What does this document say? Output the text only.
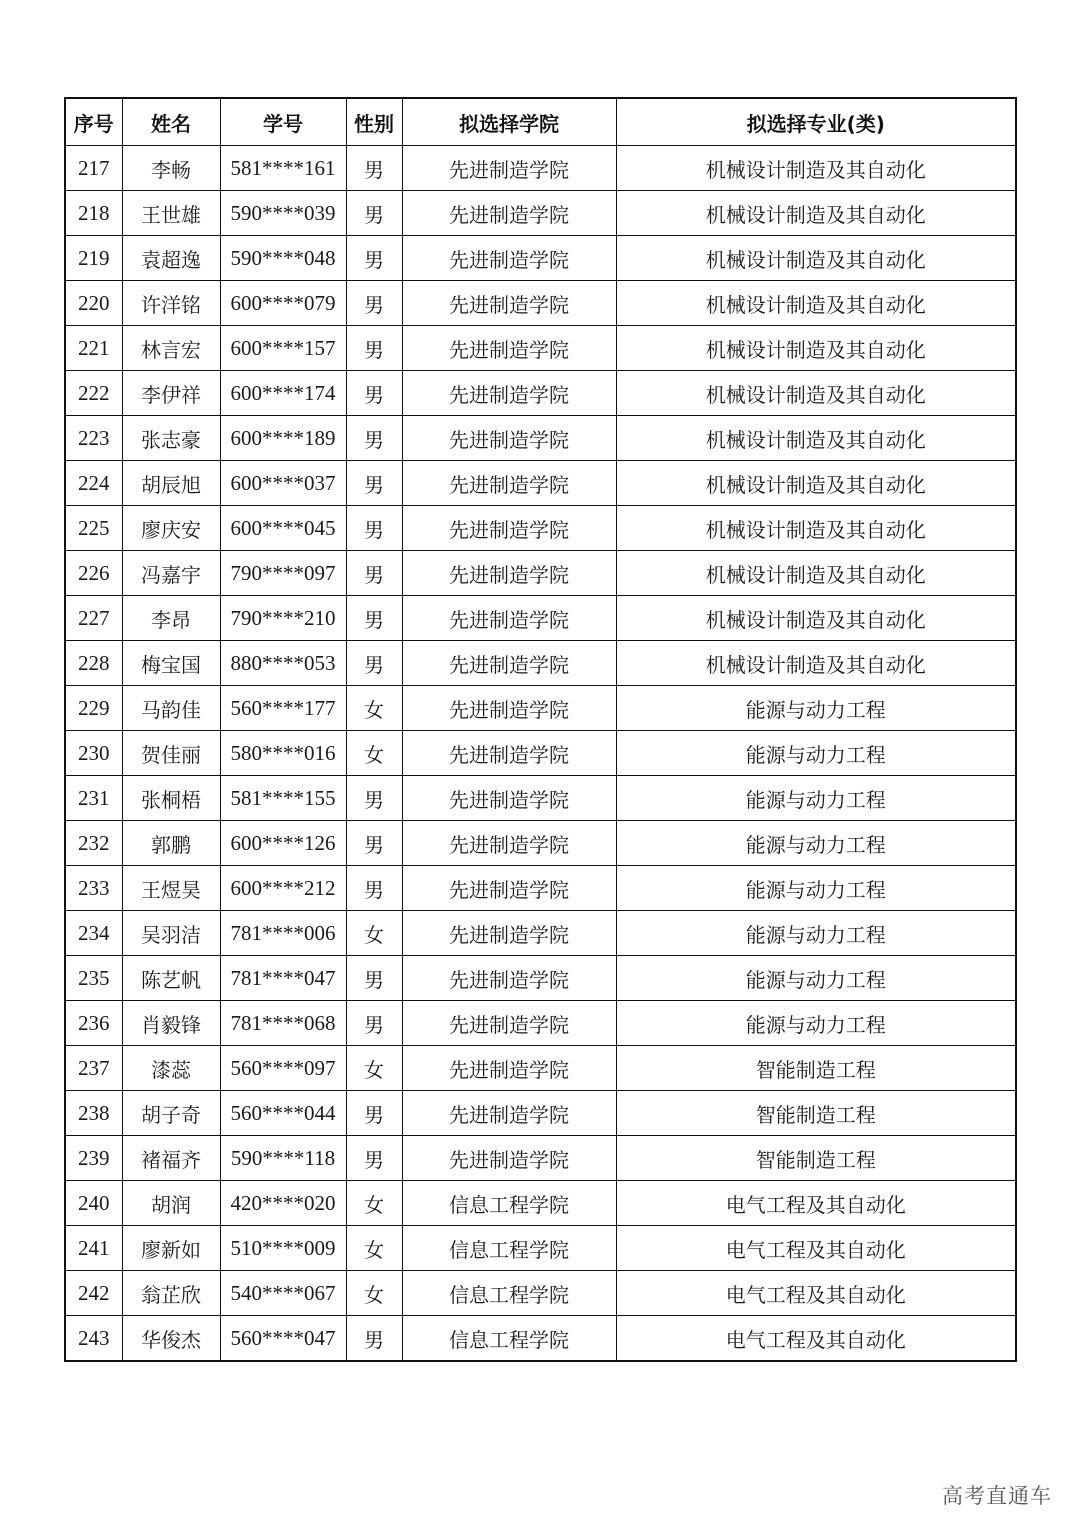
序号	姓名	学号	性别	拟选择学院	拟选择专业(类)
217	李畅	581****161	男	先进制造学院	机械设计制造及其自动化
218	王世雄	590****039	男	先进制造学院	机械设计制造及其自动化
219	袁超逸	590****048	男	先进制造学院	机械设计制造及其自动化
220	许洋铭	600****079	男	先进制造学院	机械设计制造及其自动化
221	林言宏	600****157	男	先进制造学院	机械设计制造及其自动化
222	李伊祥	600****174	男	先进制造学院	机械设计制造及其自动化
223	张志豪	600****189	男	先进制造学院	机械设计制造及其自动化
224	胡辰旭	600****037	男	先进制造学院	机械设计制造及其自动化
225	廖庆安	600****045	男	先进制造学院	机械设计制造及其自动化
226	冯嘉宇	790****097	男	先进制造学院	机械设计制造及其自动化
227	李昂	790****210	男	先进制造学院	机械设计制造及其自动化
228	梅宝国	880****053	男	先进制造学院	机械设计制造及其自动化
229	马韵佳	560****177	女	先进制造学院	能源与动力工程
230	贺佳丽	580****016	女	先进制造学院	能源与动力工程
231	张桐梧	581****155	男	先进制造学院	能源与动力工程
232	郭鹏	600****126	男	先进制造学院	能源与动力工程
233	王煜昊	600****212	男	先进制造学院	能源与动力工程
234	吴羽洁	781****006	女	先进制造学院	能源与动力工程
235	陈艺帆	781****047	男	先进制造学院	能源与动力工程
236	肖毅锋	781****068	男	先进制造学院	能源与动力工程
237	漆蕊	560****097	女	先进制造学院	智能制造工程
238	胡子奇	560****044	男	先进制造学院	智能制造工程
239	褚福齐	590****118	男	先进制造学院	智能制造工程
240	胡润	420****020	女	信息工程学院	电气工程及其自动化
241	廖新如	510****009	女	信息工程学院	电气工程及其自动化
242	翁芷欣	540****067	女	信息工程学院	电气工程及其自动化
243	华俊杰	560****047	男	信息工程学院	电气工程及其自动化
高考直通车
